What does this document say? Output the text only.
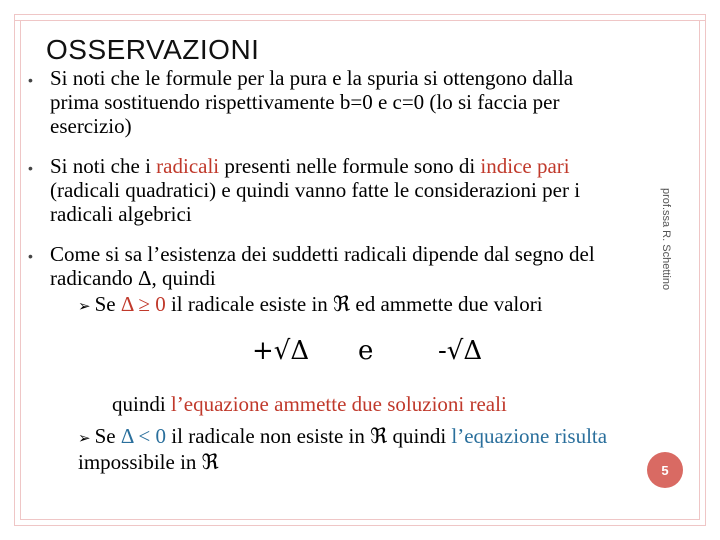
OSSERVAZIONI
• Si noti che le formule per la pura e la spuria si ottengono dalla
prima sostituendo rispettivamente b=0 e c=0 (lo si faccia per
esercizio)
• Si noti che i radicali presenti nelle formule sono di indice pari
(radicali quadratici) e quindi vanno fatte le considerazioni per i
radicali algebrici
• Come si sa l’esistenza dei suddetti radicali dipende dal segno del
radicando Δ, quindi
➢ Se Δ ≥ 0 il radicale esiste in ℜ ed ammette due valori
+√Δ e -√Δ
quindi l’equazione ammette due soluzioni reali
➢ Se Δ < 0 il radicale non esiste in ℜ quindi l’equazione risulta
impossibile in ℜ
prof.ssa R. Schettino
5
